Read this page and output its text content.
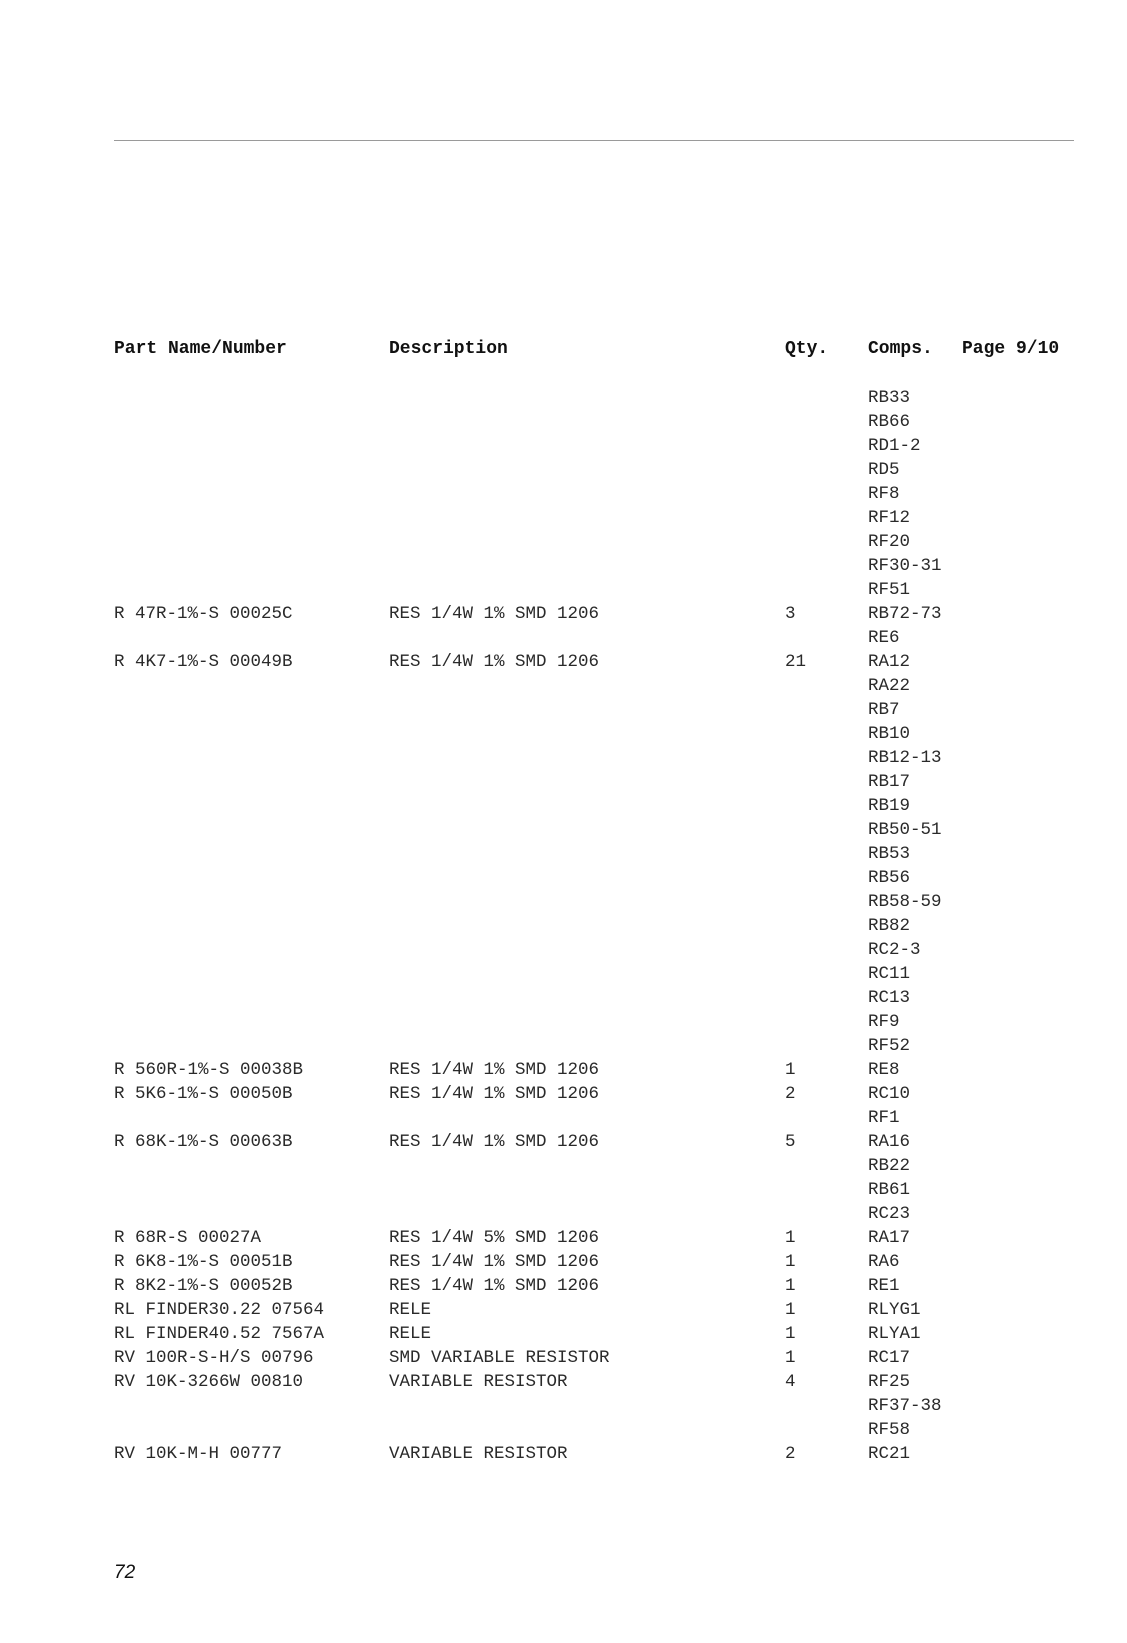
Part Name/Number	Description	Qty. Comps. Page 9/10
RB33
RB66
RD1-2
RD5
RF8
RF12
RF20
RF30-31
RF51
R 47R-1%-S 00025C	RES 1/4W 1% SMD 1206	3	RB72-73
RE6
R 4K7-1%-S 00049B	RES 1/4W 1% SMD 1206	21	RA12
RA22
RB7
RB10
RB12-13
RB17
RB19
RB50-51
RB53
RB56
RB58-59
RB82
RC2-3
RC11
RC13
RF9
RF52
R 560R-1%-S 00038B	RES 1/4W 1% SMD 1206	1	RE8
R 5K6-1%-S 00050B	RES 1/4W 1% SMD 1206	2	RC10
RF1
R 68K-1%-S 00063B	RES 1/4W 1% SMD 1206	5	RA16
RB22
RB61
RC23
R 68R-S 00027A	RES 1/4W 5% SMD 1206	1	RA17
R 6K8-1%-S 00051B	RES 1/4W 1% SMD 1206	1	RA6
R 8K2-1%-S 00052B	RES 1/4W 1% SMD 1206	1	RE1
RL FINDER30.22 07564	RELE	1	RLYG1
RL FINDER40.52 7567A	RELE	1	RLYA1
RV 100R-S-H/S 00796	SMD VARIABLE RESISTOR	1	RC17
RV 10K-3266W 00810	VARIABLE RESISTOR	4	RF25
RF37-38
RF58
RV 10K-M-H 00777	VARIABLE RESISTOR	2	RC21
72
